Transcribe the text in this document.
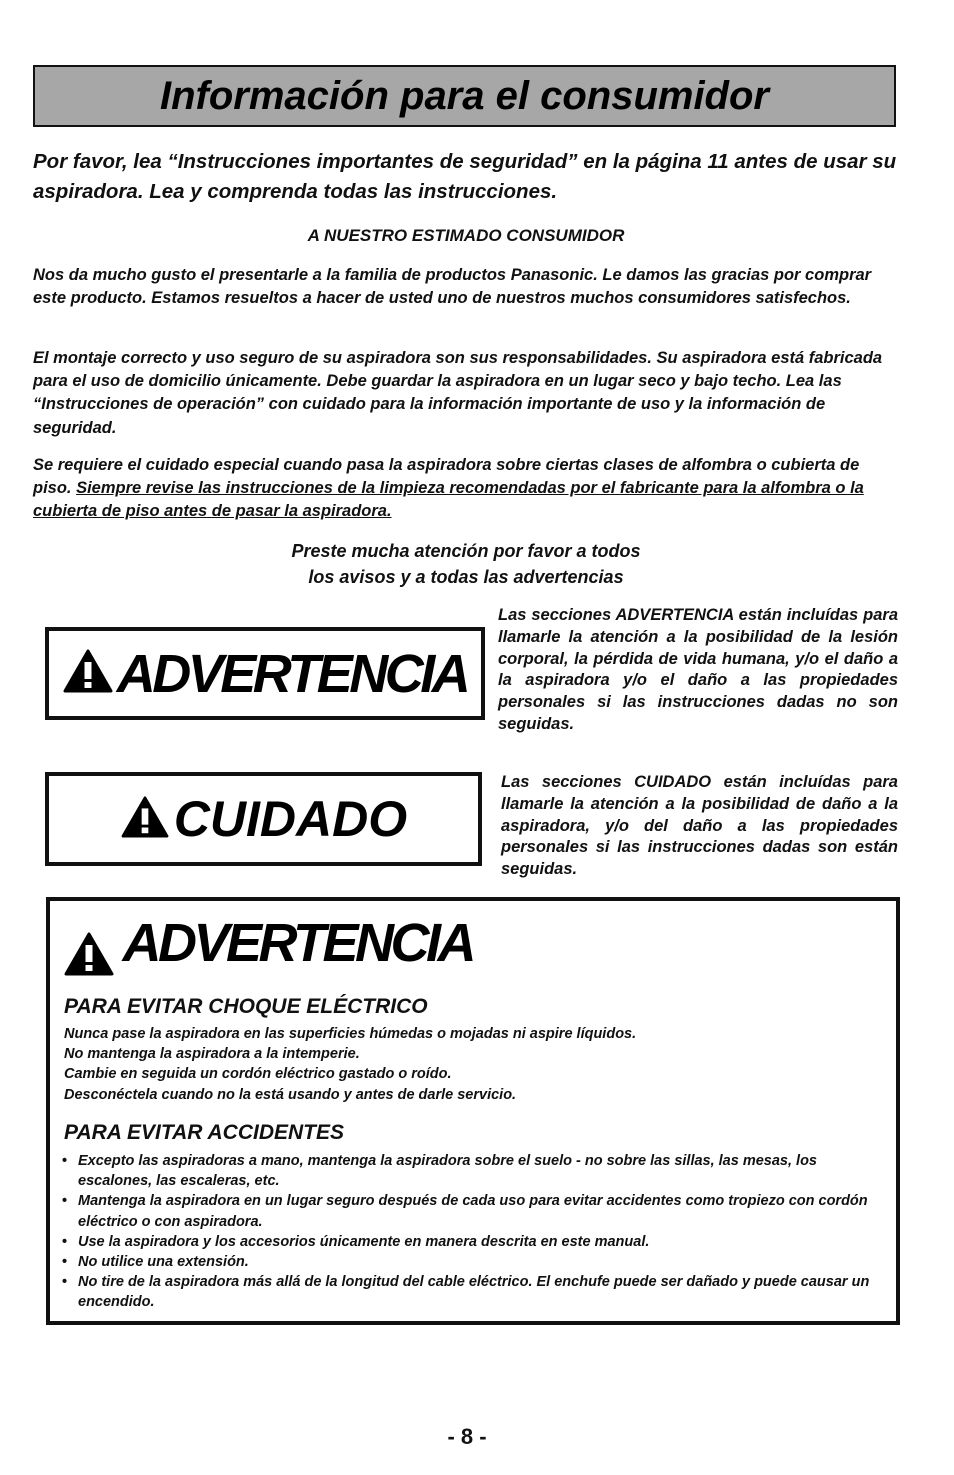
Información para el consumidor
Por favor, lea “Instrucciones importantes de seguridad” en la página 11 antes de usar su aspiradora. Lea y comprenda todas las instrucciones.
A NUESTRO ESTIMADO CONSUMIDOR
Nos da mucho gusto el presentarle a la familia de productos Panasonic. Le damos las gracias por comprar este producto. Estamos resueltos a hacer de usted uno de nuestros muchos consumidores satisfechos.
El montaje correcto y uso seguro de su aspiradora son sus responsabilidades. Su aspiradora está fabricada para el uso de domicilio únicamente. Debe guardar la aspiradora en un lugar seco y bajo techo. Lea las “Instrucciones de operación” con cuidado para la información importante de uso y la información de seguridad.
Se requiere el cuidado especial cuando pasa la aspiradora sobre ciertas clases de alfombra o cubierta de piso. Siempre revise las instrucciones de la limpieza recomendadas por el fabricante para la alfombra o la cubierta de piso antes de pasar la aspiradora.
Preste mucha atención por favor a todos
los avisos y a todas las advertencias
ADVERTENCIA
Las secciones ADVERTENCIA están incluídas para llamarle la atención a la posibilidad de la lesión corporal, la pérdida de vida humana, y/o el daño a la aspiradora y/o el daño a las propiedades personales si las instrucciones dadas no son seguidas.
CUIDADO
Las secciones CUIDADO están incluídas para llamarle la atención a la posibilidad de daño a la aspiradora, y/o del daño a las propiedades personales si las instrucciones dadas son están seguidas.
ADVERTENCIA
PARA EVITAR CHOQUE ELÉCTRICO
Nunca pase la aspiradora en las superficies húmedas o mojadas ni aspire líquidos.
No mantenga la aspiradora a la intemperie.
Cambie en seguida un cordón eléctrico gastado o roído.
Desconéctela cuando no la está usando y antes de darle servicio.
PARA EVITAR ACCIDENTES
• Excepto las aspiradoras a mano, mantenga la aspiradora sobre el suelo - no sobre las sillas, las mesas, los escalones, las escaleras, etc.
• Mantenga la aspiradora en un lugar seguro después de cada uso para evitar accidentes como tropiezo con cordón eléctrico o con aspiradora.
• Use la aspiradora y los accesorios únicamente en manera descrita en este manual.
• No utilice una extensión.
• No tire de la aspiradora más allá de la longitud del cable eléctrico. El enchufe puede ser dañado y puede causar un encendido.
- 8 -
